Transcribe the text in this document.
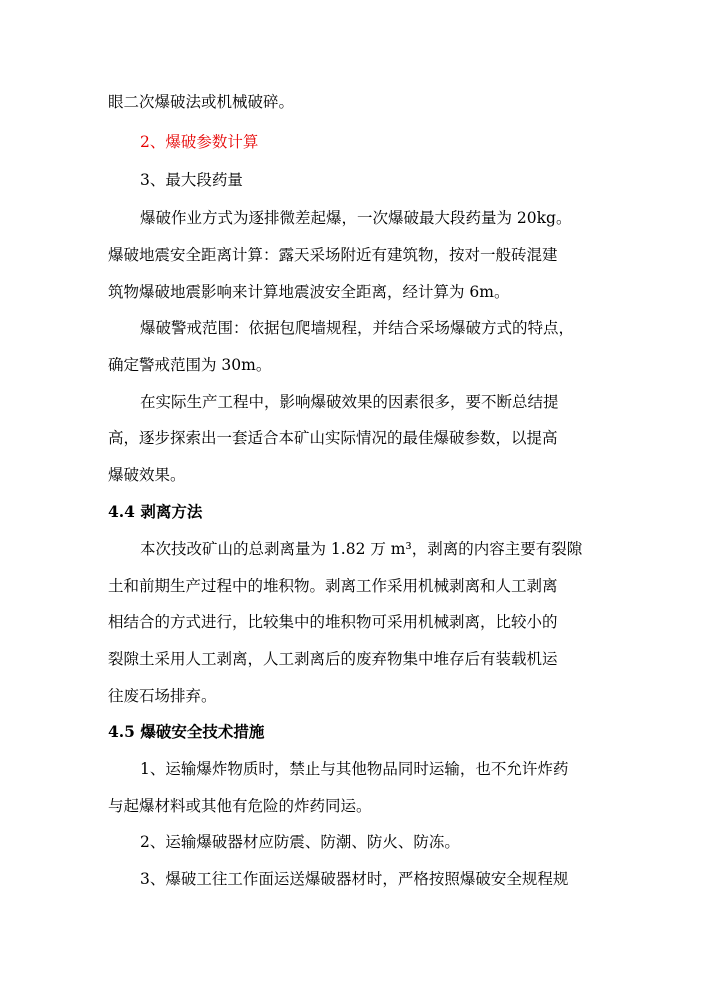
眼二次爆破法或机械破碎。
2、爆破参数计算
3、最大段药量
爆破作业方式为逐排微差起爆，一次爆破最大段药量为 20kg。
爆破地震安全距离计算：露天采场附近有建筑物，按对一般砖混建
筑物爆破地震影响来计算地震波安全距离，经计算为 6m。
爆破警戒范围：依据包爬墙规程，并结合采场爆破方式的特点，
确定警戒范围为 30m。
在实际生产工程中，影响爆破效果的因素很多，要不断总结提
高，逐步探索出一套适合本矿山实际情况的最佳爆破参数，以提高
爆破效果。
4.4 剥离方法
本次技改矿山的总剥离量为 1.82 万 m³，剥离的内容主要有裂隙
土和前期生产过程中的堆积物。剥离工作采用机械剥离和人工剥离
相结合的方式进行，比较集中的堆积物可采用机械剥离，比较小的
裂隙土采用人工剥离，人工剥离后的废弃物集中堆存后有装载机运
往废石场排弃。
4.5 爆破安全技术措施
1、运输爆炸物质时，禁止与其他物品同时运输，也不允许炸药
与起爆材料或其他有危险的炸药同运。
2、运输爆破器材应防震、防潮、防火、防冻。
3、爆破工往工作面运送爆破器材时，严格按照爆破安全规程规
